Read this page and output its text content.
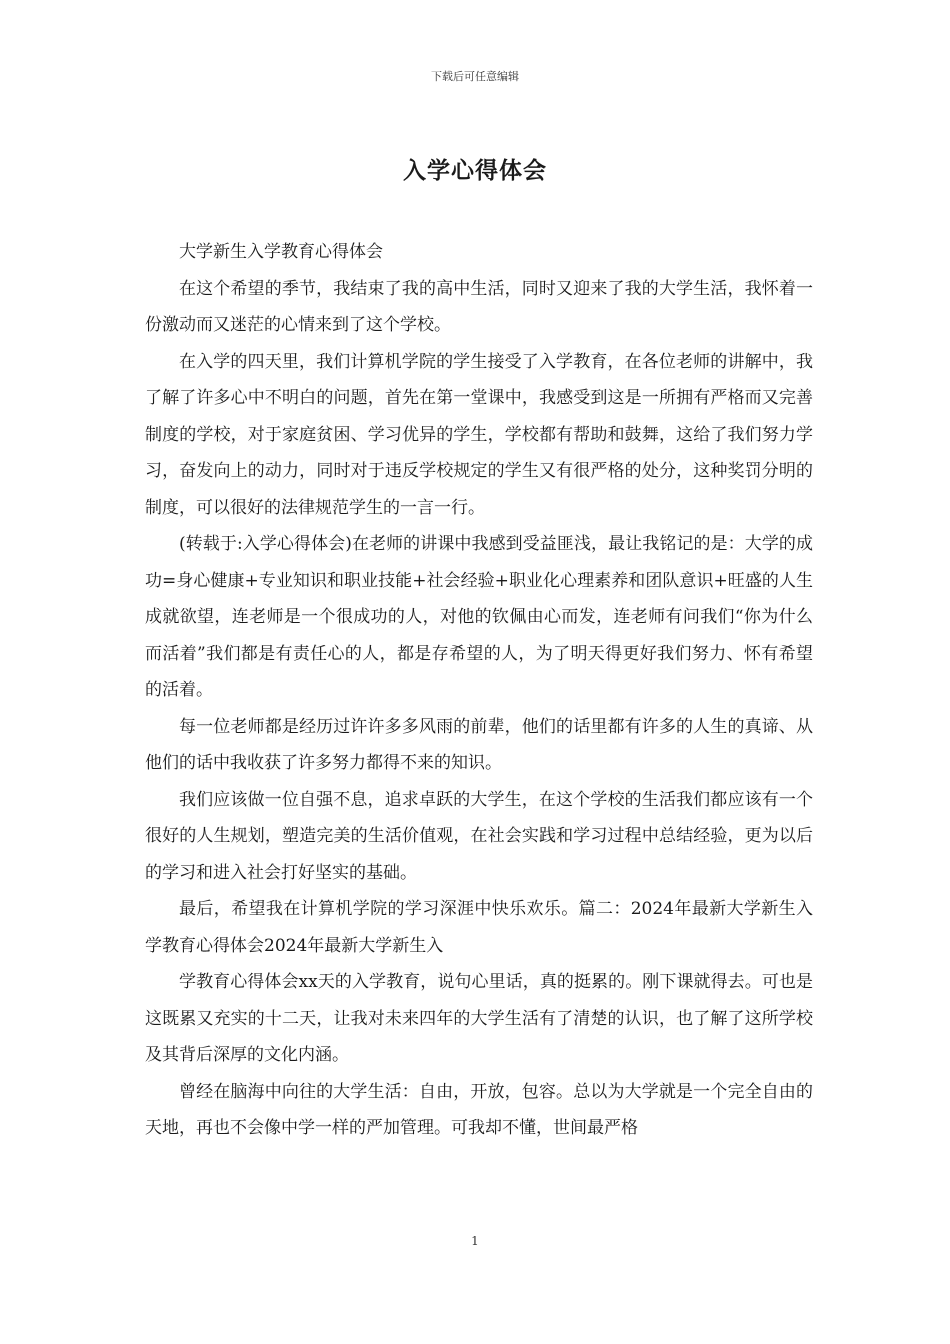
下载后可任意编辑
入学心得体会

大学新生入学教育心得体会

在这个希望的季节，我结束了我的高中生活，同时又迎来了我的大学生活，我怀着一份激动而又迷茫的心情来到了这个学校。

在入学的四天里，我们计算机学院的学生接受了入学教育，在各位老师的讲解中，我了解了许多心中不明白的问题，首先在第一堂课中，我感受到这是一所拥有严格而又完善制度的学校，对于家庭贫困、学习优异的学生，学校都有帮助和鼓舞，这给了我们努力学习，奋发向上的动力，同时对于违反学校规定的学生又有很严格的处分，这种奖罚分明的制度，可以很好的法律规范学生的一言一行。

(转载于:入学心得体会)在老师的讲课中我感到受益匪浅，最让我铭记的是：大学的成功=身心健康+专业知识和职业技能+社会经验+职业化心理素养和团队意识+旺盛的人生成就欲望，连老师是一个很成功的人，对他的钦佩由心而发，连老师有问我们“你为什么而活着”我们都是有责任心的人，都是存希望的人，为了明天得更好我们努力、怀有希望的活着。

每一位老师都是经历过许许多多风雨的前辈，他们的话里都有许多的人生的真谛、从他们的话中我收获了许多努力都得不来的知识。

我们应该做一位自强不息，追求卓跃的大学生，在这个学校的生活我们都应该有一个很好的人生规划，塑造完美的生活价值观，在社会实践和学习过程中总结经验，更为以后的学习和进入社会打好坚实的基础。

最后，希望我在计算机学院的学习深涯中快乐欢乐。篇二：2024年最新大学新生入学教育心得体会2024年最新大学新生入

学教育心得体会xx天的入学教育，说句心里话，真的挺累的。刚下课就得去。可也是这既累又充实的十二天，让我对未来四年的大学生活有了清楚的认识，也了解了这所学校及其背后深厚的文化内涵。

曾经在脑海中向往的大学生活：自由，开放，包容。总以为大学就是一个完全自由的天地，再也不会像中学一样的严加管理。可我却不懂，世间最严格

1
